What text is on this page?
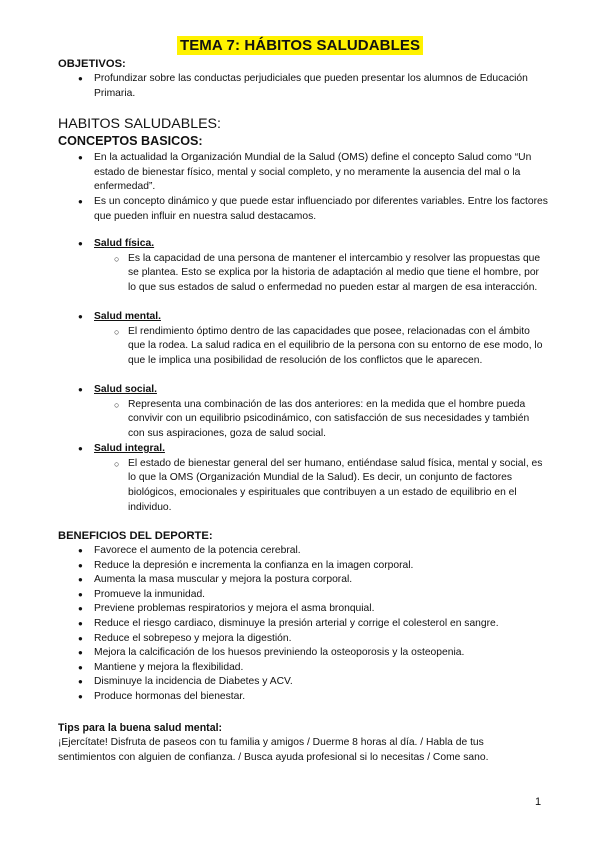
TEMA 7: HÁBITOS SALUDABLES
OBJETIVOS:
● Profundizar sobre las conductas perjudiciales que pueden presentar los alumnos de Educación Primaria.
HABITOS SALUDABLES:
CONCEPTOS BASICOS:
● En la actualidad la Organización Mundial de la Salud (OMS) define el concepto Salud como “Un estado de bienestar físico, mental y social completo, y no meramente la ausencia del mal o la enfermedad”.
● Es un concepto dinámico y que puede estar influenciado por diferentes variables. Entre los factores que pueden influir en nuestra salud destacamos.
● Salud física.
○ Es la capacidad de una persona de mantener el intercambio y resolver las propuestas que se plantea. Esto se explica por la historia de adaptación al medio que tiene el hombre, por lo que sus estados de salud o enfermedad no pueden estar al margen de esa interacción.
● Salud mental.
○ El rendimiento óptimo dentro de las capacidades que posee, relacionadas con el ámbito que la rodea. La salud radica en el equilibrio de la persona con su entorno de ese modo, lo que le implica una posibilidad de resolución de los conflictos que le aparecen.
● Salud social.
○ Representa una combinación de las dos anteriores: en la medida que el hombre pueda convivir con un equilibrio psicodinámico, con satisfacción de sus necesidades y también con sus aspiraciones, goza de salud social.
● Salud integral.
○ El estado de bienestar general del ser humano, entiéndase salud física, mental y social, es lo que la OMS (Organización Mundial de la Salud). Es decir, un conjunto de factores biológicos, emocionales y espirituales que contribuyen a un estado de equilibrio en el individuo.
BENEFICIOS DEL DEPORTE:
● Favorece el aumento de la potencia cerebral.
● Reduce la depresión e incrementa la confianza en la imagen corporal.
● Aumenta la masa muscular y mejora la postura corporal.
● Promueve la inmunidad.
● Previene problemas respiratorios y mejora el asma bronquial.
● Reduce el riesgo cardiaco, disminuye la presión arterial y corrige el colesterol en sangre.
● Reduce el sobrepeso y mejora la digestión.
● Mejora la calcificación de los huesos previniendo la osteoporosis y la osteopenia.
● Mantiene y mejora la flexibilidad.
● Disminuye la incidencia de Diabetes y ACV.
● Produce hormonas del bienestar.
Tips para la buena salud mental:
¡Ejercítate! Disfruta de paseos con tu familia y amigos / Duerme 8 horas al día. / Habla de tus sentimientos con alguien de confianza. / Busca ayuda profesional si lo necesitas / Come sano.
1
